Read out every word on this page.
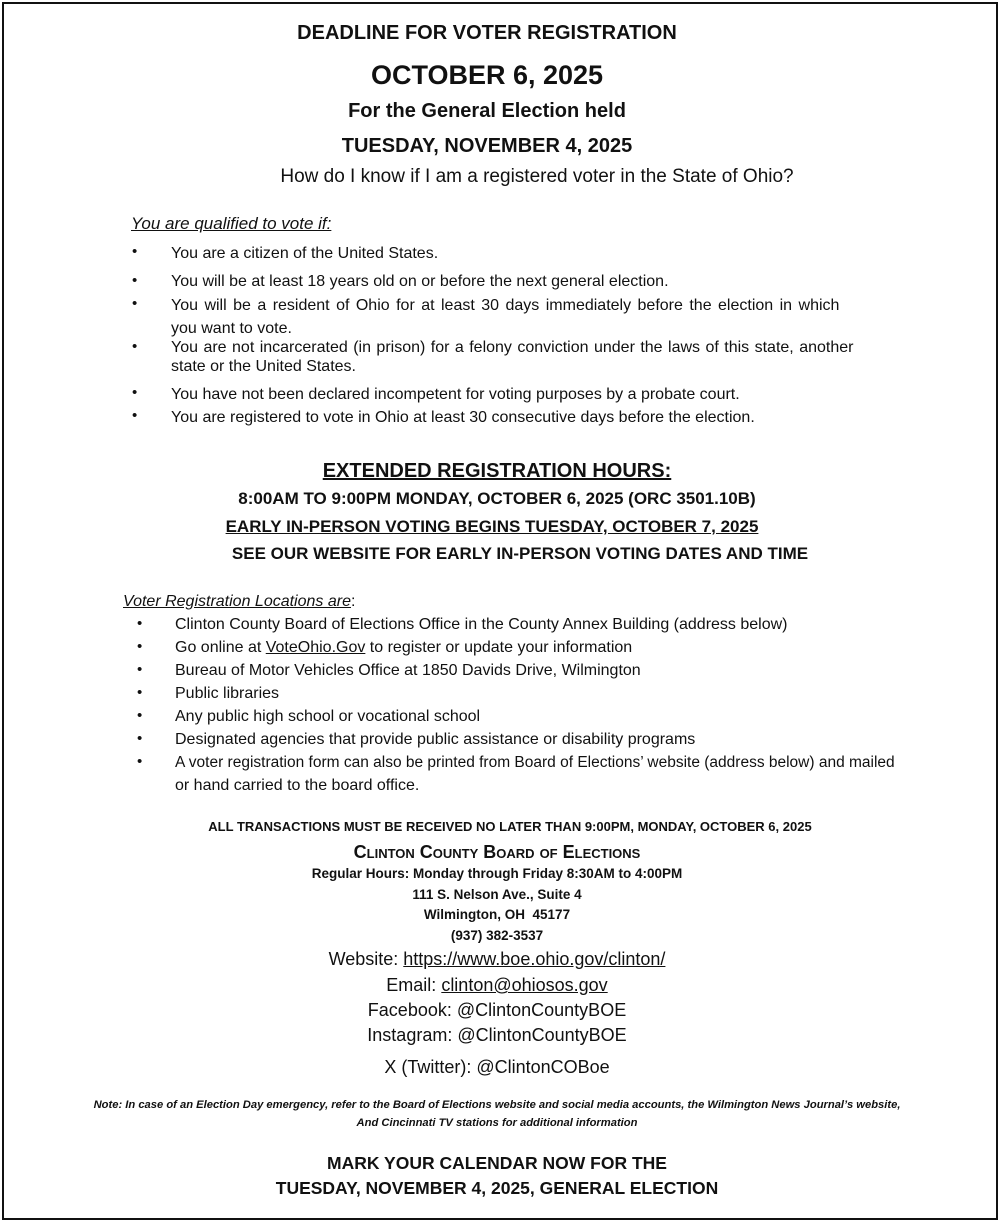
DEADLINE FOR VOTER REGISTRATION
OCTOBER 6, 2025
For the General Election held
TUESDAY, NOVEMBER 4, 2025
How do I know if I am a registered voter in the State of Ohio?
You are qualified to vote if:
• You are a citizen of the United States.
• You will be at least 18 years old on or before the next general election.
• You will be a resident of Ohio for at least 30 days immediately before the election in which
you want to vote.
• You are not incarcerated (in prison) for a felony conviction under the laws of this state, another
state or the United States.
• You have not been declared incompetent for voting purposes by a probate court.
• You are registered to vote in Ohio at least 30 consecutive days before the election.
EXTENDED REGISTRATION HOURS:
8:00AM TO 9:00PM MONDAY, OCTOBER 6, 2025 (ORC 3501.10B)
EARLY IN-PERSON VOTING BEGINS TUESDAY, OCTOBER 7, 2025
SEE OUR WEBSITE FOR EARLY IN-PERSON VOTING DATES AND TIME
Voter Registration Locations are:
• Clinton County Board of Elections Office in the County Annex Building (address below)
• Go online at VoteOhio.Gov to register or update your information
• Bureau of Motor Vehicles Office at 1850 Davids Drive, Wilmington
• Public libraries
• Any public high school or vocational school
• Designated agencies that provide public assistance or disability programs
• A voter registration form can also be printed from Board of Elections’ website (address below) and mailed
or hand carried to the board office.
ALL TRANSACTIONS MUST BE RECEIVED NO LATER THAN 9:00PM, MONDAY, OCTOBER 6, 2025
Clinton County Board of Elections
Regular Hours: Monday through Friday 8:30AM to 4:00PM
111 S. Nelson Ave., Suite 4
Wilmington, OH  45177
(937) 382-3537
Website: https://www.boe.ohio.gov/clinton/
Email: clinton@ohiosos.gov
Facebook: @ClintonCountyBOE
Instagram: @ClintonCountyBOE
X (Twitter): @ClintonCOBoe
Note: In case of an Election Day emergency, refer to the Board of Elections website and social media accounts, the Wilmington News Journal’s website,
And Cincinnati TV stations for additional information
MARK YOUR CALENDAR NOW FOR THE
TUESDAY, NOVEMBER 4, 2025, GENERAL ELECTION
